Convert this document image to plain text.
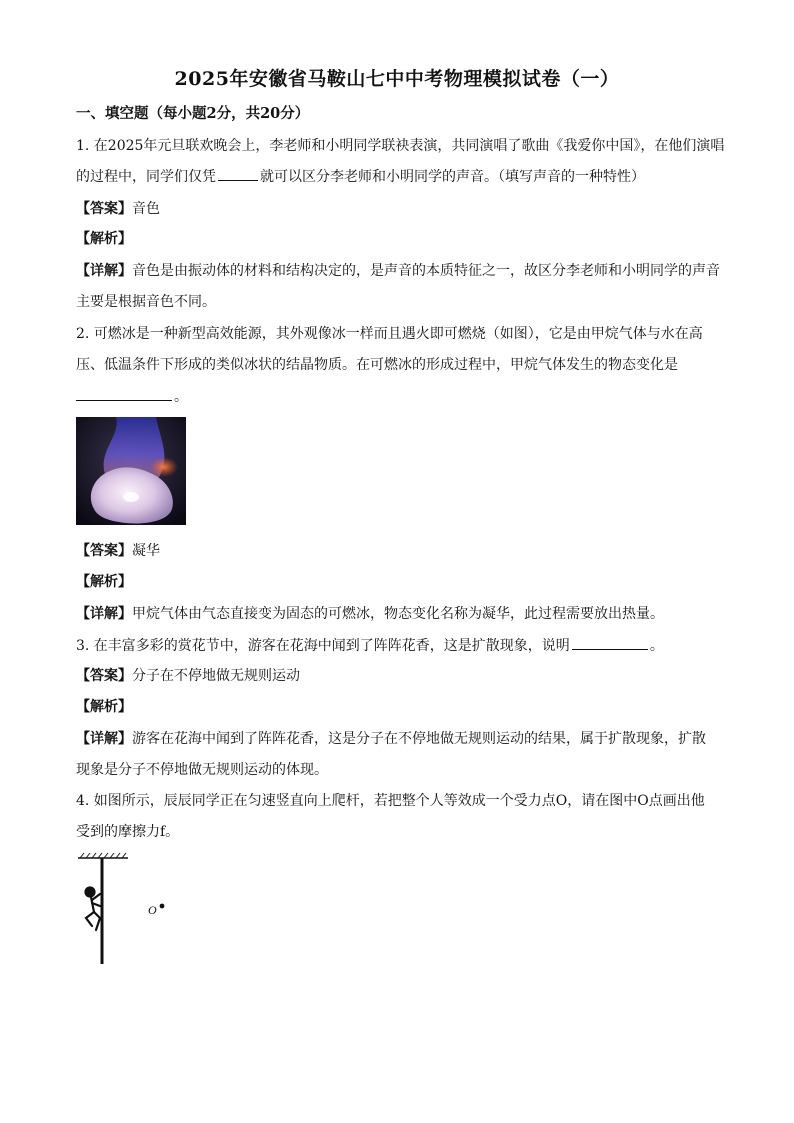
2025年安徽省马鞍山七中中考物理模拟试卷（一）
一、填空题（每小题2分，共20分）
1. 在2025年元旦联欢晚会上，李老师和小明同学联袂表演，共同演唱了歌曲《我爱你中国》，在他们演唱
的过程中，同学们仅凭	就可以区分李老师和小明同学的声音。（填写声音的一种特性）
【答案】音色
【解析】
【详解】音色是由振动体的材料和结构决定的，是声音的本质特征之一，故区分李老师和小明同学的声音
主要是根据音色不同。
2. 可燃冰是一种新型高效能源，其外观像冰一样而且遇火即可燃烧（如图），它是由甲烷气体与水在高
压、低温条件下形成的类似冰状的结晶物质。在可燃冰的形成过程中，甲烷气体发生的物态变化是
。
【答案】凝华
【解析】
【详解】甲烷气体由气态直接变为固态的可燃冰，物态变化名称为凝华，此过程需要放出热量。
3. 在丰富多彩的赏花节中，游客在花海中闻到了阵阵花香，这是扩散现象，说明	。
【答案】分子在不停地做无规则运动
【解析】
【详解】游客在花海中闻到了阵阵花香，这是分子在不停地做无规则运动的结果，属于扩散现象，扩散
现象是分子不停地做无规则运动的体现。
4. 如图所示，辰辰同学正在匀速竖直向上爬杆，若把整个人等效成一个受力点O，请在图中O点画出他
受到的摩擦力f。
O
